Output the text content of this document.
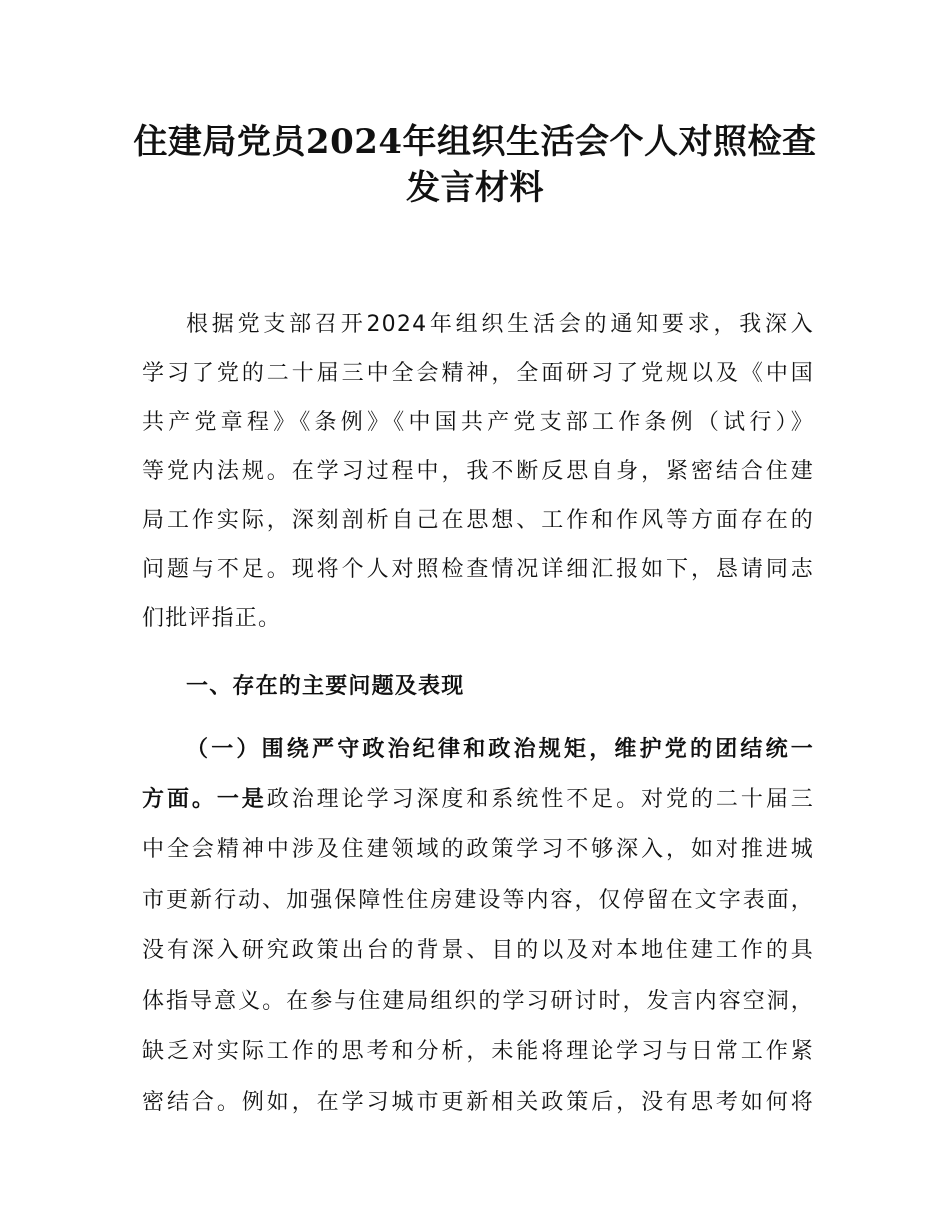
住建局党员2024年组织生活会个人对照检查
发言材料

根据党支部召开2024年组织生活会的通知要求，我深入

学习了党的二十届三中全会精神，全面研习了党规以及《中国

共产党章程》《条例》《中国共产党支部工作条例（试行）》

等党内法规。在学习过程中，我不断反思自身，紧密结合住建

局工作实际，深刻剖析自己在思想、工作和作风等方面存在的

问题与不足。现将个人对照检查情况详细汇报如下，恳请同志

们批评指正。

一、存在的主要问题及表现

（一）围绕严守政治纪律和政治规矩，维护党的团结统一

方面。一是政治理论学习深度和系统性不足。对党的二十届三

中全会精神中涉及住建领域的政策学习不够深入，如对推进城

市更新行动、加强保障性住房建设等内容，仅停留在文字表面，

没有深入研究政策出台的背景、目的以及对本地住建工作的具

体指导意义。在参与住建局组织的学习研讨时，发言内容空洞，

缺乏对实际工作的思考和分析，未能将理论学习与日常工作紧

密结合。例如，在学习城市更新相关政策后，没有思考如何将
